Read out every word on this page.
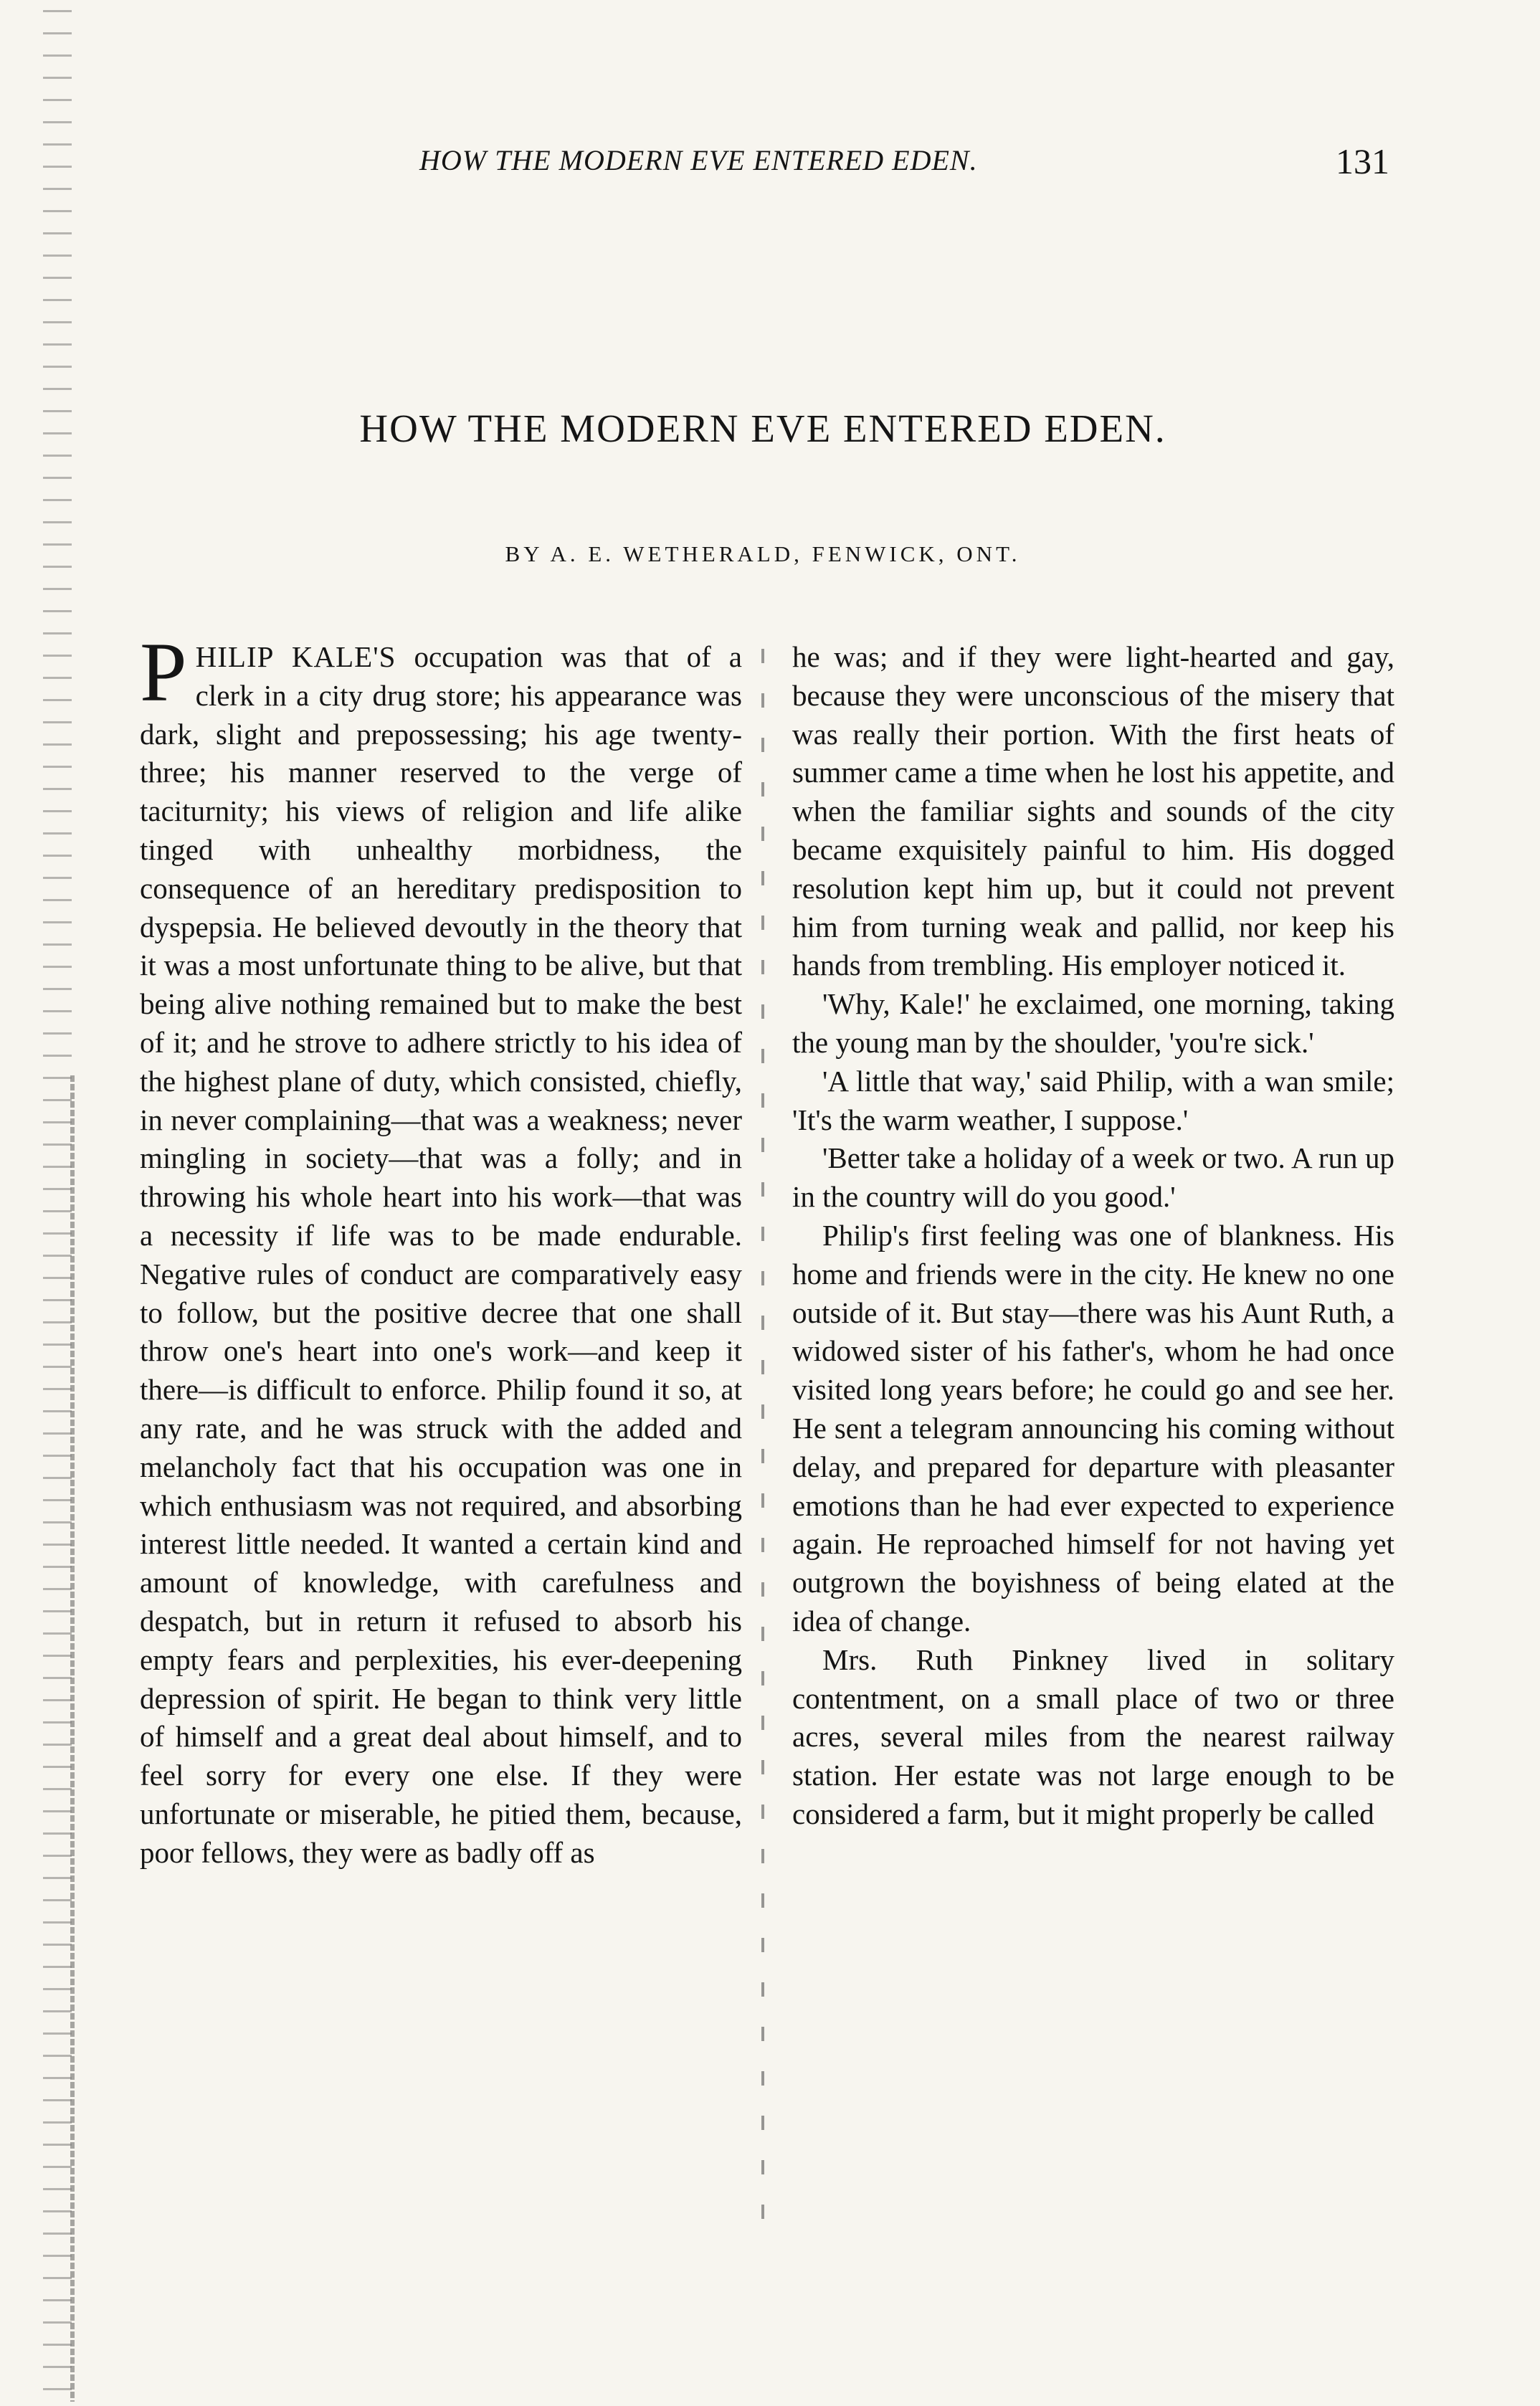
HOW THE MODERN EVE ENTERED EDEN.	131
HOW THE MODERN EVE ENTERED EDEN.
BY A. E. WETHERALD, FENWICK, ONT.

PHILIP KALE'S occupation was that of a clerk in a city drug store; his appearance was dark, slight and prepossessing; his age twenty-three; his manner reserved to the verge of taciturnity; his views of religion and life alike tinged with unhealthy morbidness, the consequence of an hereditary predisposition to dyspepsia. He believed devoutly in the theory that it was a most unfortunate thing to be alive, but that being alive nothing remained but to make the best of it; and he strove to adhere strictly to his idea of the highest plane of duty, which consisted, chiefly, in never complaining—that was a weakness; never mingling in society—that was a folly; and in throwing his whole heart into his work—that was a necessity if life was to be made endurable. Negative rules of conduct are comparatively easy to follow, but the positive decree that one shall throw one's heart into one's work—and keep it there—is difficult to enforce. Philip found it so, at any rate, and he was struck with the added and melancholy fact that his occupation was one in which enthusiasm was not required, and absorbing interest little needed. It wanted a certain kind and amount of knowledge, with carefulness and despatch, but in return it refused to absorb his empty fears and perplexities, his ever-deepening depression of spirit. He began to think very little of himself and a great deal about himself, and to feel sorry for every one else. If they were unfortunate or miserable, he pitied them, because, poor fellows, they were as badly off as

he was; and if they were light-hearted and gay, because they were unconscious of the misery that was really their portion. With the first heats of summer came a time when he lost his appetite, and when the familiar sights and sounds of the city became exquisitely painful to him. His dogged resolution kept him up, but it could not prevent him from turning weak and pallid, nor keep his hands from trembling. His employer noticed it.

'Why, Kale!' he exclaimed, one morning, taking the young man by the shoulder, 'you're sick.'

'A little that way,' said Philip, with a wan smile; 'It's the warm weather, I suppose.'

'Better take a holiday of a week or two. A run up in the country will do you good.'

Philip's first feeling was one of blankness. His home and friends were in the city. He knew no one outside of it. But stay—there was his Aunt Ruth, a widowed sister of his father's, whom he had once visited long years before; he could go and see her. He sent a telegram announcing his coming without delay, and prepared for departure with pleasanter emotions than he had ever expected to experience again. He reproached himself for not having yet outgrown the boyishness of being elated at the idea of change.

Mrs. Ruth Pinkney lived in solitary contentment, on a small place of two or three acres, several miles from the nearest railway station. Her estate was not large enough to be considered a farm, but it might properly be called
